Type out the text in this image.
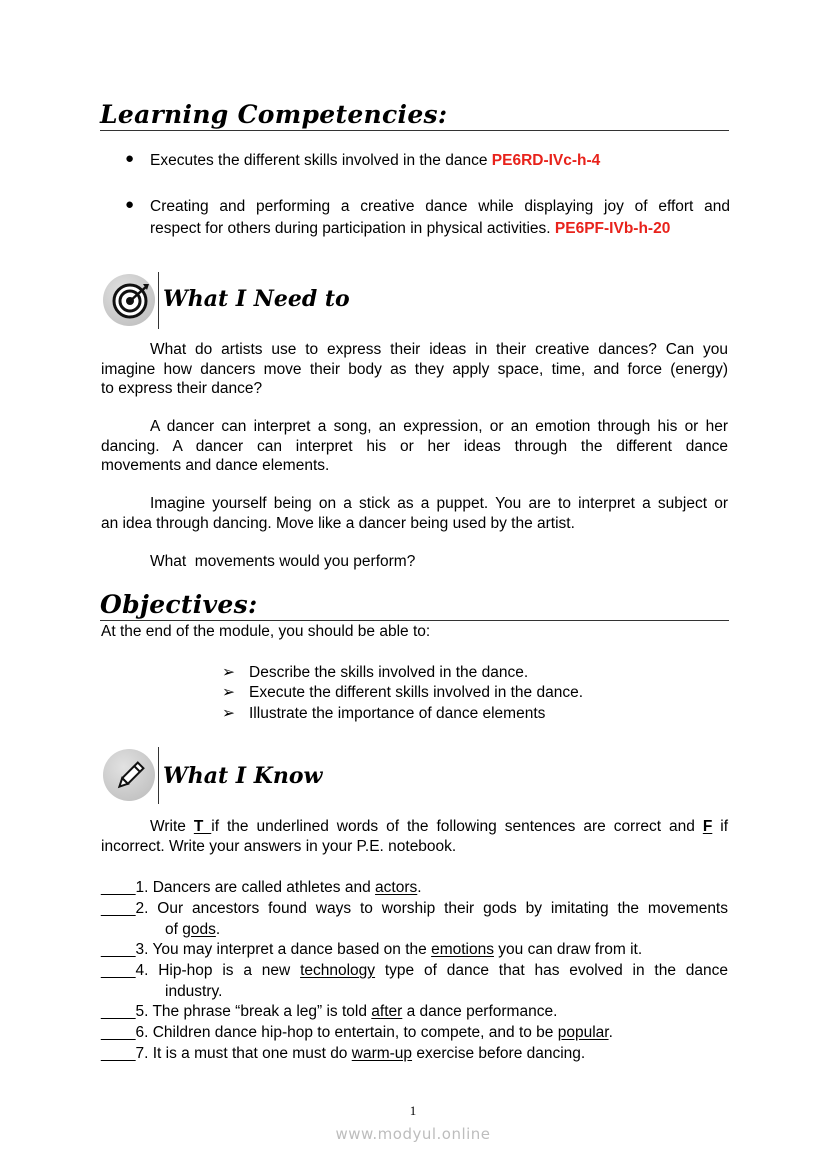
Learning Competencies:
● Executes the different skills involved in the dance PE6RD-IVc-h-4
● Creating and performing a creative dance while displaying joy of effort and
respect for others during participation in physical activities. PE6PF-IVb-h-20
What I Need to
What do artists use to express their ideas in their creative dances? Can you
imagine how dancers move their body as they apply space, time, and force (energy)
to express their dance?
A dancer can interpret a song, an expression, or an emotion through his or her
dancing. A dancer can interpret his or her ideas through the different dance
movements and dance elements.
Imagine yourself being on a stick as a puppet. You are to interpret a subject or
an idea through dancing. Move like a dancer being used by the artist.
What  movements would you perform?
Objectives:
At the end of the module, you should be able to:
➢ Describe the skills involved in the dance.
➢ Execute the different skills involved in the dance.
➢ Illustrate the importance of dance elements
What I Know
Write T if the underlined words of the following sentences are correct and F if
incorrect. Write your answers in your P.E. notebook.
____1. Dancers are called athletes and actors.
____2. Our ancestors found ways to worship their gods by imitating the movements
of gods.
____3. You may interpret a dance based on the emotions you can draw from it.
____4. Hip-hop is a new technology type of dance that has evolved in the dance
industry.
____5. The phrase “break a leg” is told after a dance performance.
____6. Children dance hip-hop to entertain, to compete, and to be popular.
____7. It is a must that one must do warm-up exercise before dancing.
1
www.modyul.online
